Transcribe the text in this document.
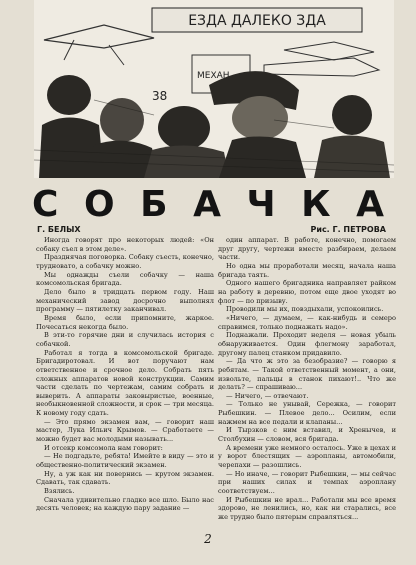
ЕЗДА ДАЛЕКО ЗДА
МЕХАН
38
С О Б А Ч К А
Г. БЕЛЫХ	Рис. Г. ПЕТРОВА

Иногда говорят про некоторых людей: «Он собаку съел в этом деле».

Празднячая поговорка. Собаку съесть, конечно, трудновато, а собачку можно.

Мы однажды съели собачку — наша комсомольская бригада.

Дело было в тридцать первом году. Наш механический завод досрочно выполнял программу — пятилетку заканчивал.

Время было, если припомните, жаркое. Почесаться некогда было.

В эти-то горячие дни и случилась история с собачкой.

Работал я тогда в комсомольской бригаде. Бригадиротовал. И вот поручают нам ответственное и срочное дело. Собрать пять сложных аппаратов новой конструкции. Самим части сделать по чертежам, самим собрать и выверить. А аппараты заковыристые, военные, необыкновенной сложности, и срок — три месяца. К новому году сдать.

— Это прямо экзамен вам, — говорит наш мастер, Лука Ильич Крымов. — Сработаете — можно будет вас молодыми называть...

И отсекр комсомола нам говорит:

— Не подгадьте, ребята! Имейте в виду — это и общественно-политический экзамен.

Ну, а уж как ни повернись — крутом экзамен. Сдавать, так сдавать.

Взялись.

Сначала удивительно гладко все шло. Было нас десять человек; на каждую пару задание —

один аппарат. В работе, конечно, помогаем друг другу, чертежи вместе разбираем, делаем части.

Но одна мы проработали месяц, начала наша бригада таять.

Одного нашего бригадника направляет райком на работу в деревню, потом еще двое уходят во флот — по призыву.

Проводили мы их, повздыхали, успокоились.

«Ничего, — думаем, — как-нибудь и семеро справимся, только поднажать надо».

Поднажали. Проходит неделя — новая убыль обнаруживается. Один флегмону заработал, другому палец станком придавило.

— Да что ж это за безобразие? — говорю я ребятам. — Такой ответственный момент, а они, извольте, пальцы в станок пихают!.. Что же делать? — спрашиваю...

— Ничего, — отвечают.

— Только не унывай, Сережка, — говорит Рыбешкин. — Плевое дело... Осилим, если нажмем на все педали и клапаны...

И Тырзков с ним вставил, и Хренычев, и Столбухин — словом, вся бригада.

А времени уже немного осталось. Уже в цехах и у ворот блестящих — аэропланы, автомобили, черепахи — разошлись.

— Но иначе, — говорит Рыбешкин, — мы сейчас при наших силах и темпах аэроплану соответствуем...

И Рыбешкин не врал... Работали мы все время здорово, не ленились, но, как ни старались, все же трудно было пятерым справляться...

2
